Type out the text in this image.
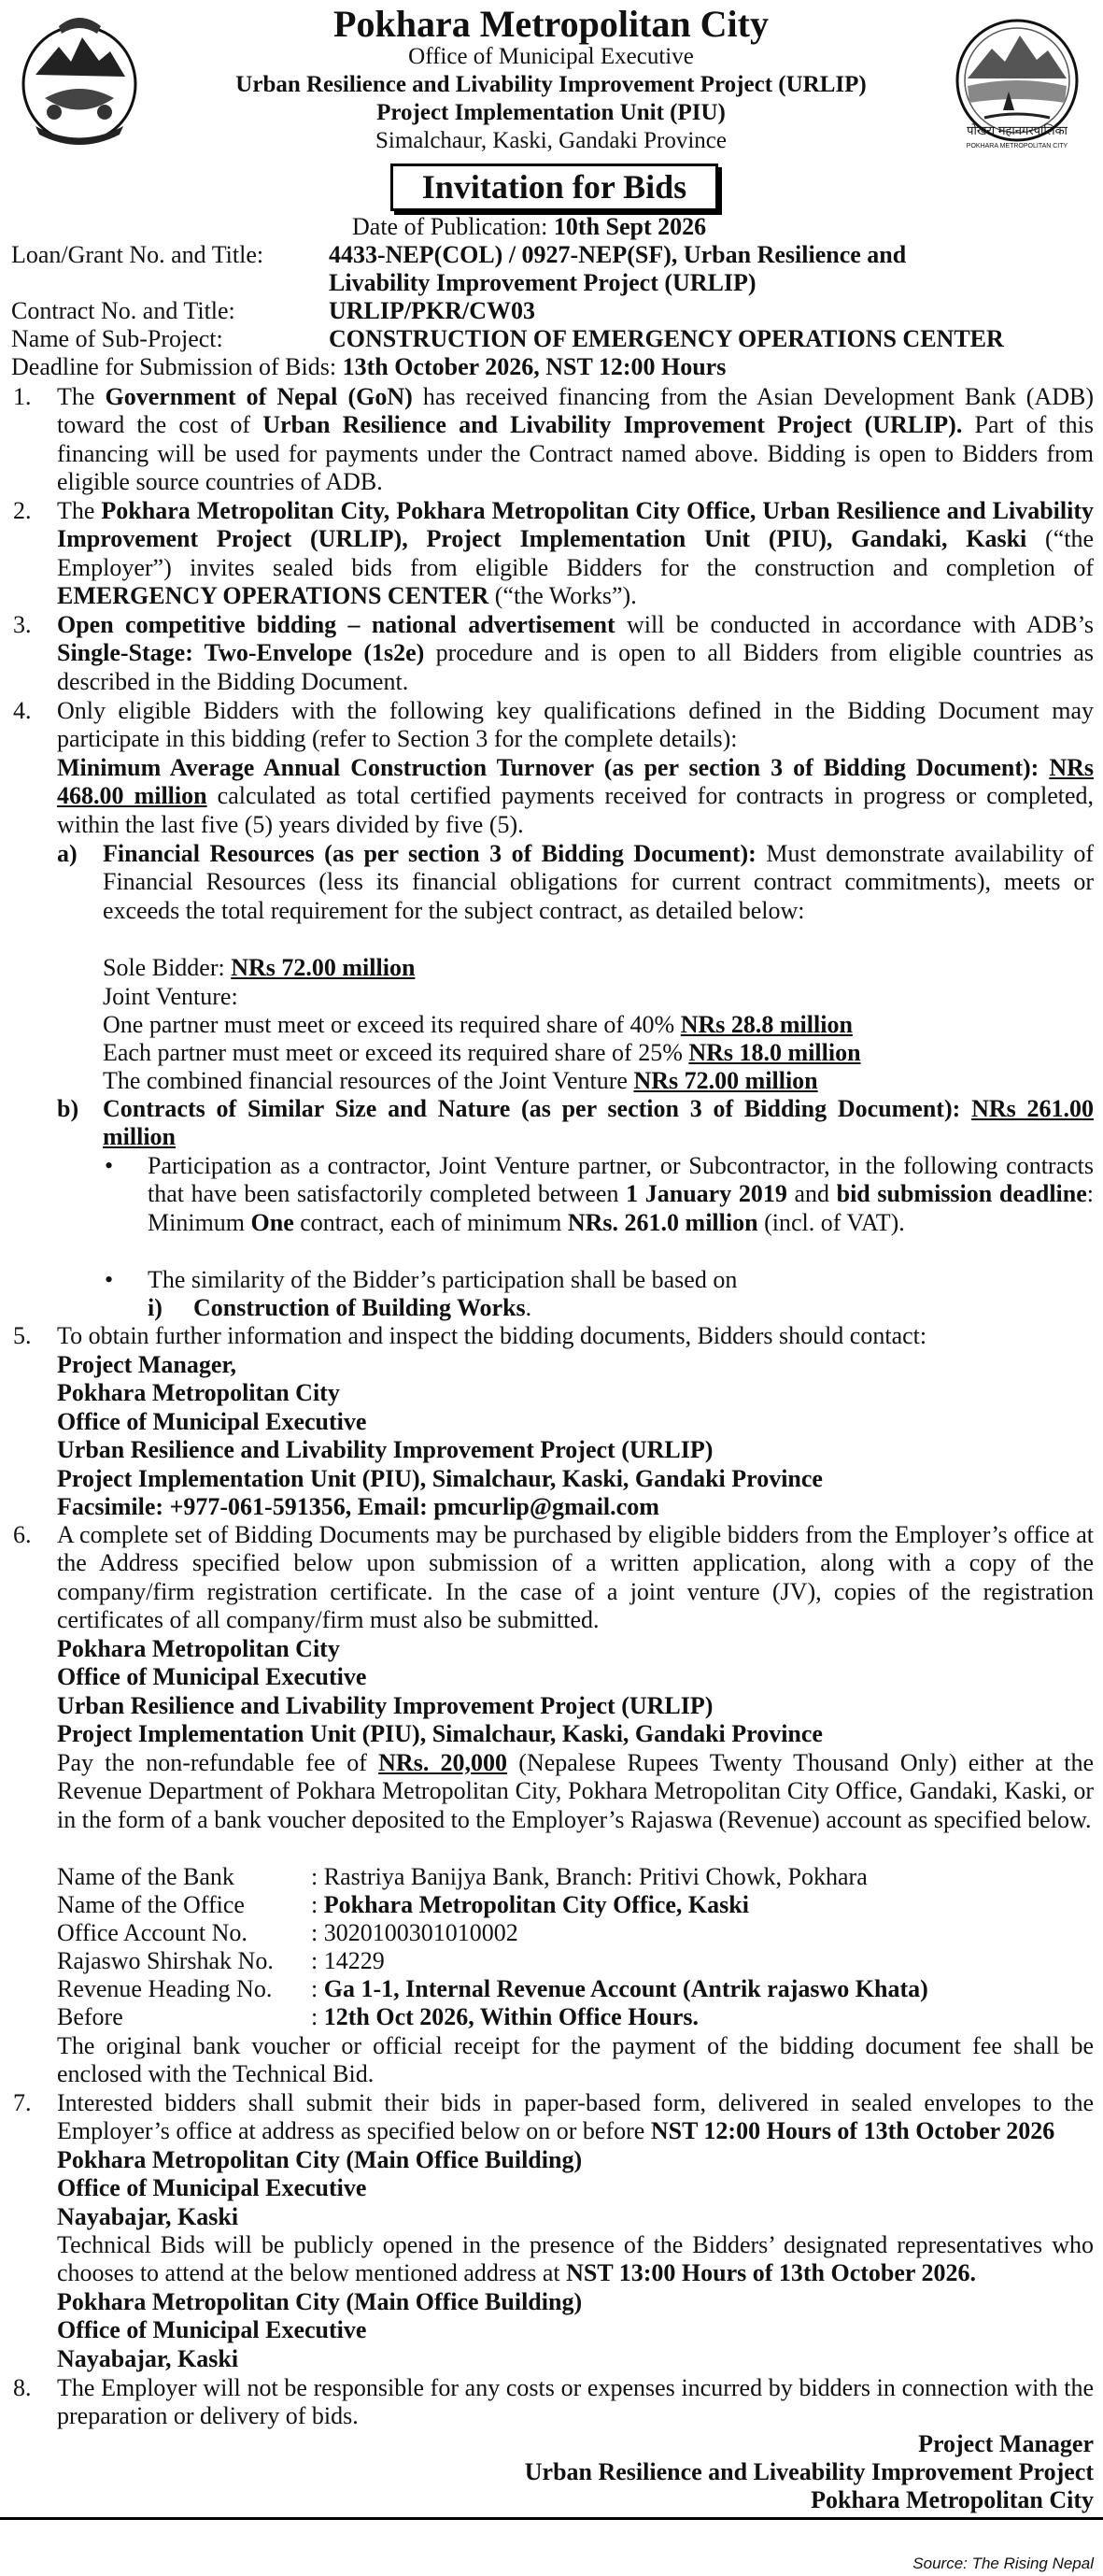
पोखरा महानगरपालिका
POKHARA METROPOLITAN CITY
Pokhara Metropolitan City
Office of Municipal Executive
Urban Resilience and Livability Improvement Project (URLIP)
Project Implementation Unit (PIU)
Simalchaur, Kaski, Gandaki Province
Invitation for Bids
Date of Publication: 10th Sept 2026
Loan/Grant No. and Title:	4433-NEP(COL) / 0927-NEP(SF), Urban Resilience and
Livability Improvement Project (URLIP)
Contract No. and Title:	URLIP/PKR/CW03
Name of Sub-Project:	CONSTRUCTION OF EMERGENCY OPERATIONS CENTER
Deadline for Submission of Bids: 13th October 2026, NST 12:00 Hours
1. The Government of Nepal (GoN) has received financing from the Asian Development Bank (ADB) toward the cost of Urban Resilience and Livability Improvement Project (URLIP). Part of this financing will be used for payments under the Contract named above. Bidding is open to Bidders from eligible source countries of ADB.
2. The Pokhara Metropolitan City, Pokhara Metropolitan City Office, Urban Resilience and Livability Improvement Project (URLIP), Project Implementation Unit (PIU), Gandaki, Kaski (“the Employer”) invites sealed bids from eligible Bidders for the construction and completion of EMERGENCY OPERATIONS CENTER (“the Works”).
3. Open competitive bidding – national advertisement will be conducted in accordance with ADB’s Single-Stage: Two-Envelope (1s2e) procedure and is open to all Bidders from eligible countries as described in the Bidding Document.
4. Only eligible Bidders with the following key qualifications defined in the Bidding Document may participate in this bidding (refer to Section 3 for the complete details):
Minimum Average Annual Construction Turnover (as per section 3 of Bidding Document): NRs 468.00 million calculated as total certified payments received for contracts in progress or completed, within the last five (5) years divided by five (5).
a) Financial Resources (as per section 3 of Bidding Document): Must demonstrate availability of Financial Resources (less its financial obligations for current contract commitments), meets or exceeds the total requirement for the subject contract, as detailed below:
Sole Bidder: NRs 72.00 million
Joint Venture:
One partner must meet or exceed its required share of 40% NRs 28.8 million
Each partner must meet or exceed its required share of 25% NRs 18.0 million
The combined financial resources of the Joint Venture NRs 72.00 million
b) Contracts of Similar Size and Nature (as per section 3 of Bidding Document): NRs 261.00 million
• Participation as a contractor, Joint Venture partner, or Subcontractor, in the following contracts that have been satisfactorily completed between 1 January 2019 and bid submission deadline: Minimum One contract, each of minimum NRs. 261.0 million (incl. of VAT).
• The similarity of the Bidder’s participation shall be based on
i) Construction of Building Works.
5. To obtain further information and inspect the bidding documents, Bidders should contact:
Project Manager,
Pokhara Metropolitan City
Office of Municipal Executive
Urban Resilience and Livability Improvement Project (URLIP)
Project Implementation Unit (PIU), Simalchaur, Kaski, Gandaki Province
Facsimile: +977-061-591356, Email: pmcurlip@gmail.com
6. A complete set of Bidding Documents may be purchased by eligible bidders from the Employer’s office at the Address specified below upon submission of a written application, along with a copy of the company/firm registration certificate. In the case of a joint venture (JV), copies of the registration certificates of all company/firm must also be submitted.
Pokhara Metropolitan City
Office of Municipal Executive
Urban Resilience and Livability Improvement Project (URLIP)
Project Implementation Unit (PIU), Simalchaur, Kaski, Gandaki Province
Pay the non-refundable fee of NRs. 20,000 (Nepalese Rupees Twenty Thousand Only) either at the Revenue Department of Pokhara Metropolitan City, Pokhara Metropolitan City Office, Gandaki, Kaski, or in the form of a bank voucher deposited to the Employer’s Rajaswa (Revenue) account as specified below.
Name of the Bank	: Rastriya Banijya Bank, Branch: Pritivi Chowk, Pokhara
Name of the Office	: Pokhara Metropolitan City Office, Kaski
Office Account No.	: 3020100301010002
Rajaswo Shirshak No. : 14229
Revenue Heading No. : Ga 1-1, Internal Revenue Account (Antrik rajaswo Khata)
Before	: 12th Oct 2026, Within Office Hours.
The original bank voucher or official receipt for the payment of the bidding document fee shall be enclosed with the Technical Bid.
7. Interested bidders shall submit their bids in paper-based form, delivered in sealed envelopes to the Employer’s office at address as specified below on or before NST 12:00 Hours of 13th October 2026
Pokhara Metropolitan City (Main Office Building)
Office of Municipal Executive
Nayabajar, Kaski
Technical Bids will be publicly opened in the presence of the Bidders’ designated representatives who chooses to attend at the below mentioned address at NST 13:00 Hours of 13th October 2026.
Pokhara Metropolitan City (Main Office Building)
Office of Municipal Executive
Nayabajar, Kaski
8. The Employer will not be responsible for any costs or expenses incurred by bidders in connection with the preparation or delivery of bids.
Project Manager
Urban Resilience and Liveability Improvement Project
Pokhara Metropolitan City
Source: The Rising Nepal
